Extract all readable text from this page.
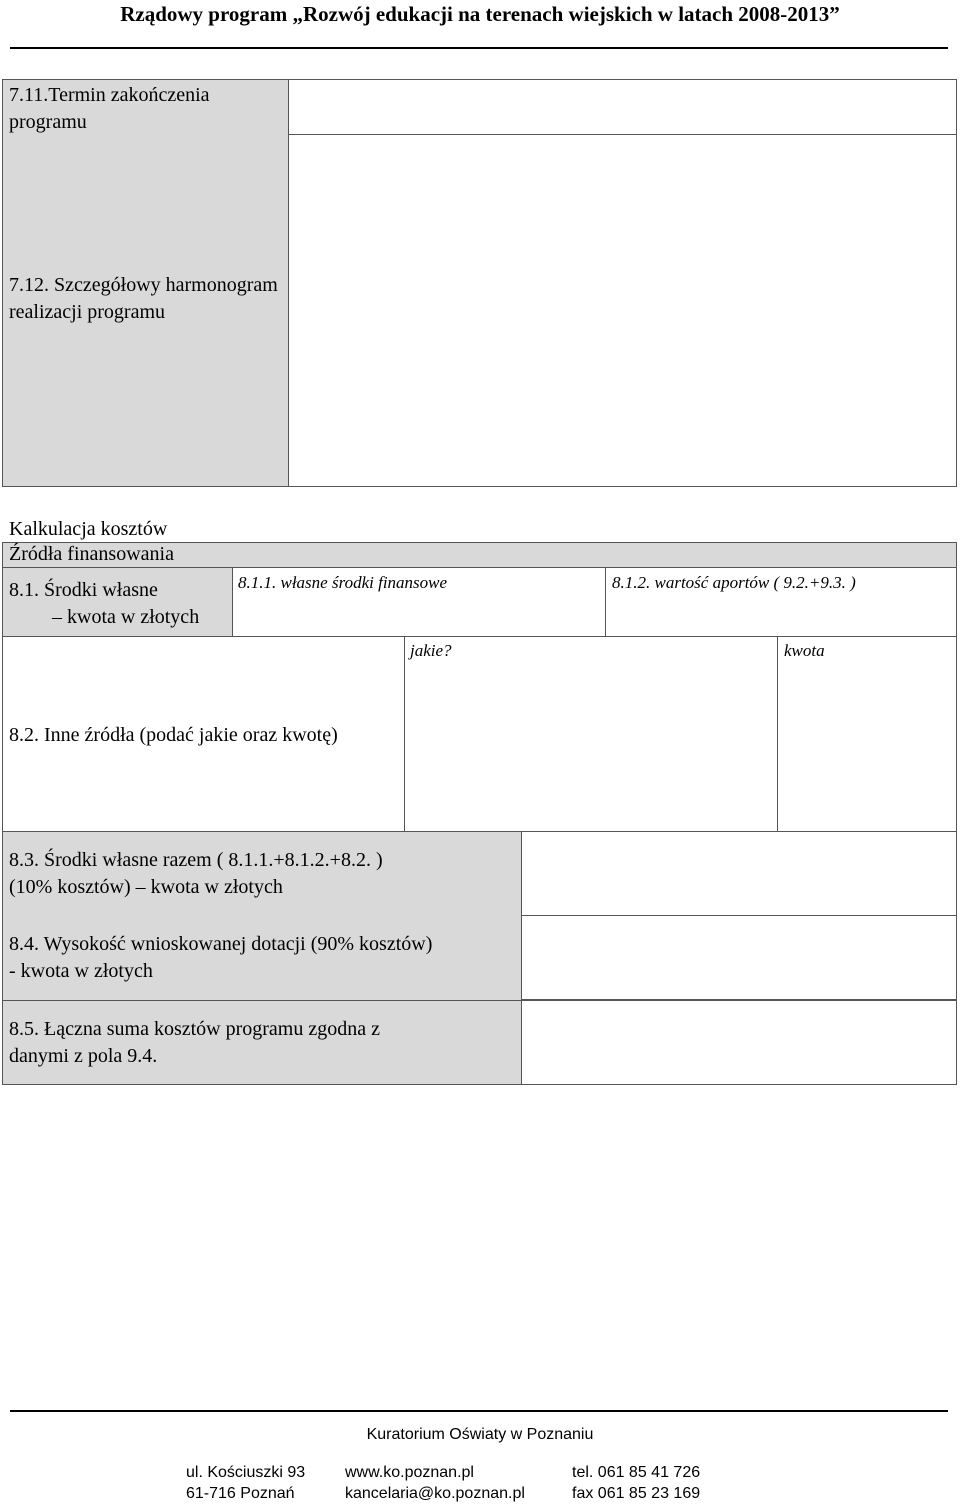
Rządowy program „Rozwój edukacji na terenach wiejskich w latach 2008-2013”
7.11.Termin zakończenia programu
7.12. Szczegółowy harmonogram realizacji programu
Kalkulacja kosztów
Źródła finansowania
8.1. Środki własne
– kwota w złotych
8.1.1. własne środki finansowe	8.1.2. wartość aportów ( 9.2.+9.3. )
jakie?	kwota
8.2. Inne źródła (podać jakie oraz kwotę)
8.3. Środki własne razem ( 8.1.1.+8.1.2.+8.2. )
(10% kosztów) – kwota w złotych
8.4. Wysokość wnioskowanej dotacji (90% kosztów)
- kwota w złotych
8.5. Łączna suma kosztów programu zgodna z
danymi z pola 9.4.
Kuratorium Oświaty w Poznaniu
ul. Kościuszki 93
61-716 Poznań
www.ko.poznan.pl
kancelaria@ko.poznan.pl
tel. 061 85 41 726
fax 061 85 23 169
